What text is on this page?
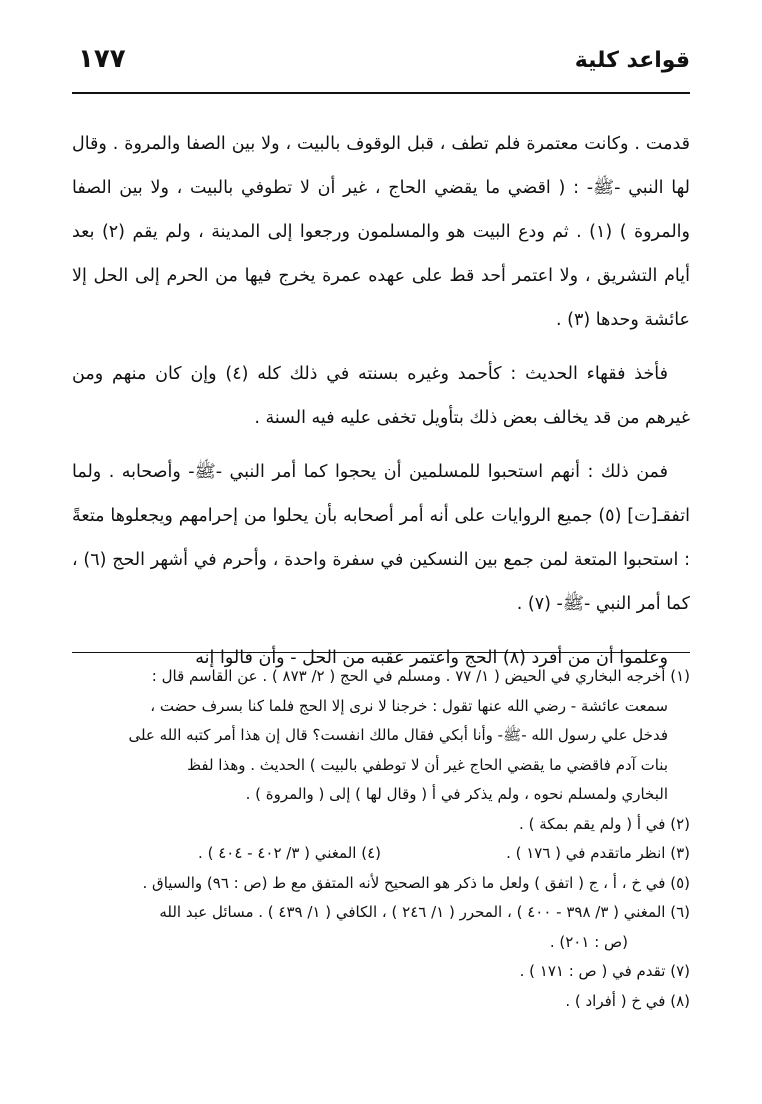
قواعد كلية
١٧٧

قدمت . وكانت معتمرة فلم تطف ، قبل الوقوف بالبيت ، ولا بين الصفا والمروة . وقال لها النبي -ﷺ- : ( اقضي ما يقضي الحاج ، غير أن لا تطوفي بالبيت ، ولا بين الصفا والمروة ) (١) . ثم ودع البيت هو والمسلمون ورجعوا إلى المدينة ، ولم يقم (٢) بعد أيام التشريق ، ولا اعتمر أحد قط على عهده عمرة يخرج فيها من الحرم إلى الحل إلا عائشة وحدها (٣) .

فأخذ فقهاء الحديث : كأحمد وغيره بسنته في ذلك كله (٤) وإن كان منهم ومن غيرهم من قد يخالف بعض ذلك بتأويل تخفى عليه فيه السنة .

فمن ذلك : أنهم استحبوا للمسلمين أن يحجوا كما أمر النبي -ﷺ- وأصحابه . ولما اتفقـ[ت] (٥) جميع الروايات على أنه أمر أصحابه بأن يحلوا من إحرامهم ويجعلوها متعةً : استحبوا المتعة لمن جمع بين النسكين في سفرة واحدة ، وأحرم في أشهر الحج (٦) ، كما أمر النبي -ﷺ- (٧) .

وعلموا أن من أفرد (٨) الحج واعتمر عقبه من الحل - وأن قالوا إنه

(١) أخرجه البخاري في الحيض ( ١/ ٧٧ . ومسلم في الحج ( ٢/ ٨٧٣ ) . عن القاسم قال :
سمعت عائشة - رضي الله عنها تقول : خرجنا لا نرى إلا الحج فلما كنا بسرف حضت ،
فدخل علي رسول الله -ﷺ- وأنا أبكي فقال مالك انفست؟ قال إن هذا أمر كتبه الله على
بنات آدم فاقضي ما يقضي الحاج غير أن لا توطفي بالبيت ) الحديث . وهذا لفظ
البخاري ولمسلم نحوه ، ولم يذكر في أ ( وقال لها ) إلى ( والمروة ) .
(٢) في أ ( ولم يقم بمكة ) .
(٣) انظر ماتقدم في ( ١٧٦ ) .
(٤) المغني ( ٣/ ٤٠٢ - ٤٠٤ ) .
(٥) في خ ، أ ، ج ( اتفق ) ولعل ما ذكر هو الصحيح لأنه المتفق مع ط (ص : ٩٦) والسياق .
(٦) المغني ( ٣/ ٣٩٨ - ٤٠٠ ) ، المحرر ( ١/ ٢٤٦ ) ، الكافي ( ١/ ٤٣٩ ) . مسائل عبد الله
(ص : ٢٠١) .
(٧) تقدم في ( ص : ١٧١ ) .
(٨) في خ ( أفراد ) .
